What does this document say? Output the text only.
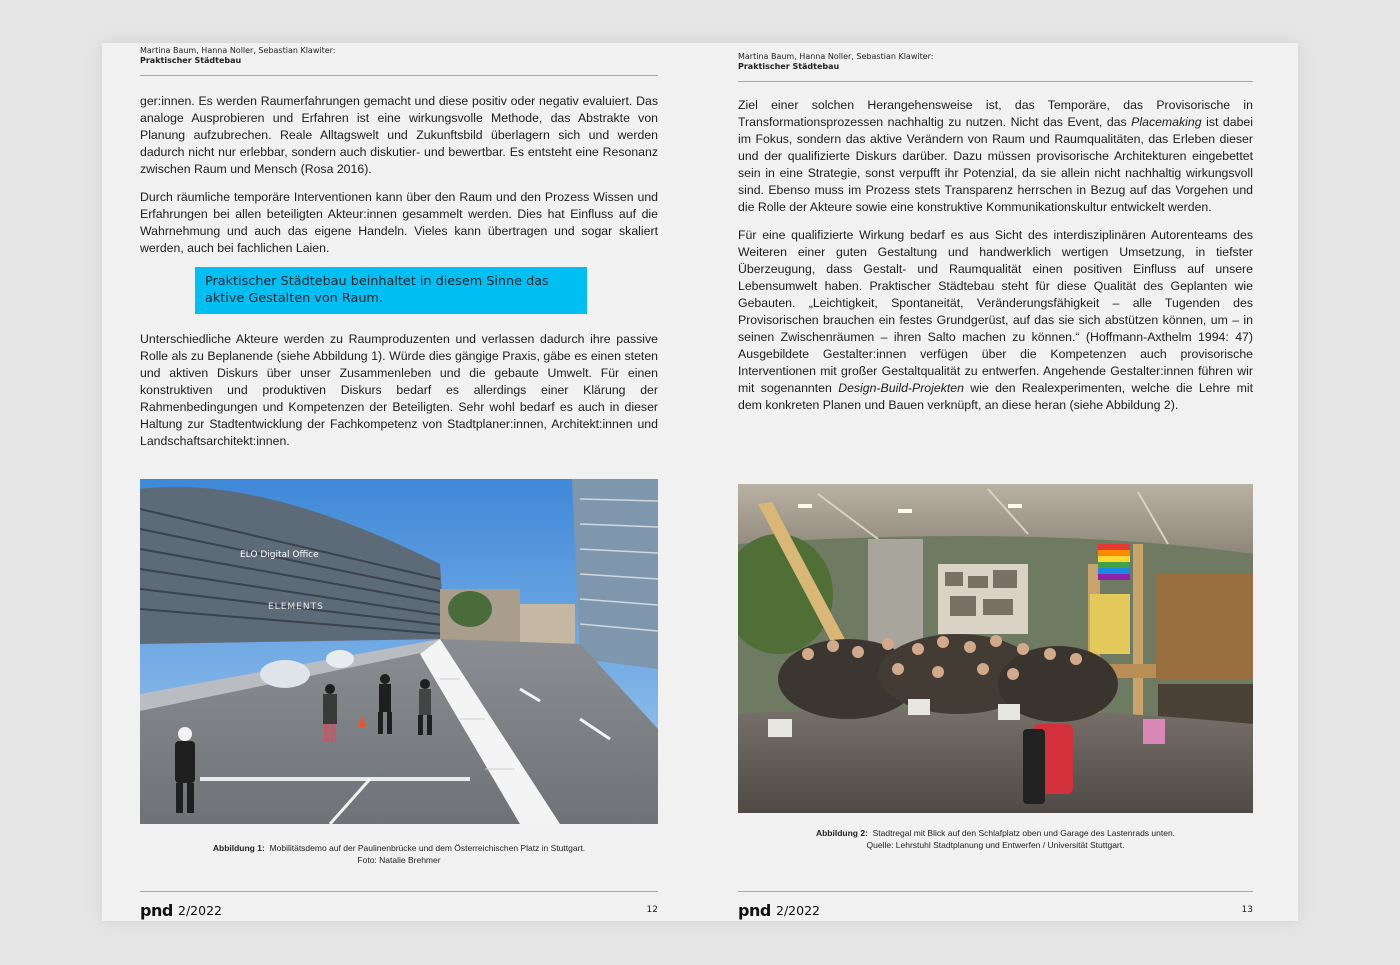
Martina Baum, Hanna Noller, Sebastian Klawiter:
Praktischer Städtebau

ger:innen. Es werden Raumerfahrungen gemacht und diese positiv oder negativ evaluiert. Das analoge Ausprobieren und Erfahren ist eine wirkungsvolle Methode, das Abstrakte von Planung aufzubrechen. Reale Alltagswelt und Zukunftsbild überlagern sich und werden dadurch nicht nur erlebbar, sondern auch diskutier- und bewertbar. Es entsteht eine Resonanz zwischen Raum und Mensch (Rosa 2016).

Durch räumliche temporäre Interventionen kann über den Raum und den Prozess Wissen und Erfahrungen bei allen beteiligten Akteur:innen gesammelt werden. Dies hat Einfluss auf die Wahrnehmung und auch das eigene Handeln. Vieles kann übertragen und sogar skaliert werden, auch bei fachlichen Laien.

Praktischer Städtebau beinhaltet in diesem Sinne das aktive Gestalten von Raum.

Unterschiedliche Akteure werden zu Raumproduzenten und verlassen dadurch ihre passive Rolle als zu Beplanende (siehe Abbildung 1). Würde dies gängige Praxis, gäbe es einen steten und aktiven Diskurs über unser Zusammenleben und die gebaute Umwelt. Für einen konstruktiven und produktiven Diskurs bedarf es allerdings einer Klärung der Rahmenbedingungen und Kompetenzen der Beteiligten. Sehr wohl bedarf es auch in dieser Haltung zur Stadtentwicklung der Fachkompetenz von Stadtplaner:innen, Architekt:innen und Landschaftsarchitekt:innen.

ELO Digital Office
ELEMENTS
Abbildung 1: Mobilitätsdemo auf der Paulinenbrücke und dem Österreichischen Platz in Stuttgart.
Foto: Natalie Brehmer
pnd 2/2022	12
Martina Baum, Hanna Noller, Sebastian Klawiter:
Praktischer Städtebau

Ziel einer solchen Herangehensweise ist, das Temporäre, das Provisorische in Transformationsprozessen nachhaltig zu nutzen. Nicht das Event, das Placemaking ist dabei im Fokus, sondern das aktive Verändern von Raum und Raumqualitäten, das Erleben dieser und der qualifizierte Diskurs darüber. Dazu müssen provisorische Architekturen eingebettet sein in eine Strategie, sonst verpufft ihr Potenzial, da sie allein nicht nachhaltig wirkungsvoll sind. Ebenso muss im Prozess stets Transparenz herrschen in Bezug auf das Vorgehen und die Rolle der Akteure sowie eine konstruktive Kommunikationskultur entwickelt werden.

Für eine qualifizierte Wirkung bedarf es aus Sicht des interdisziplinären Autorenteams des Weiteren einer guten Gestaltung und handwerklich wertigen Umsetzung, in tiefster Überzeugung, dass Gestalt- und Raumqualität einen positiven Einfluss auf unsere Lebensumwelt haben. Praktischer Städtebau steht für diese Qualität des Geplanten wie Gebauten. „Leichtigkeit, Spontaneität, Veränderungsfähigkeit – alle Tugenden des Provisorischen brauchen ein festes Grundgerüst, auf das sie sich abstützen können, um – in seinen Zwischenräumen – ihren Salto machen zu können.“ (Hoffmann-Axthelm 1994: 47) Ausgebildete Gestalter:innen verfügen über die Kompetenzen auch provisorische Interventionen mit großer Gestaltqualität zu entwerfen. Angehende Gestalter:innen führen wir mit sogenannten Design-Build-Projekten wie den Realexperimenten, welche die Lehre mit dem konkreten Planen und Bauen verknüpft, an diese heran (siehe Abbildung 2).

Abbildung 2: Stadtregal mit Blick auf den Schlafplatz oben und Garage des Lastenrads unten.
Quelle: Lehrstuhl Stadtplanung und Entwerfen / Universität Stuttgart.
pnd 2/2022	13
